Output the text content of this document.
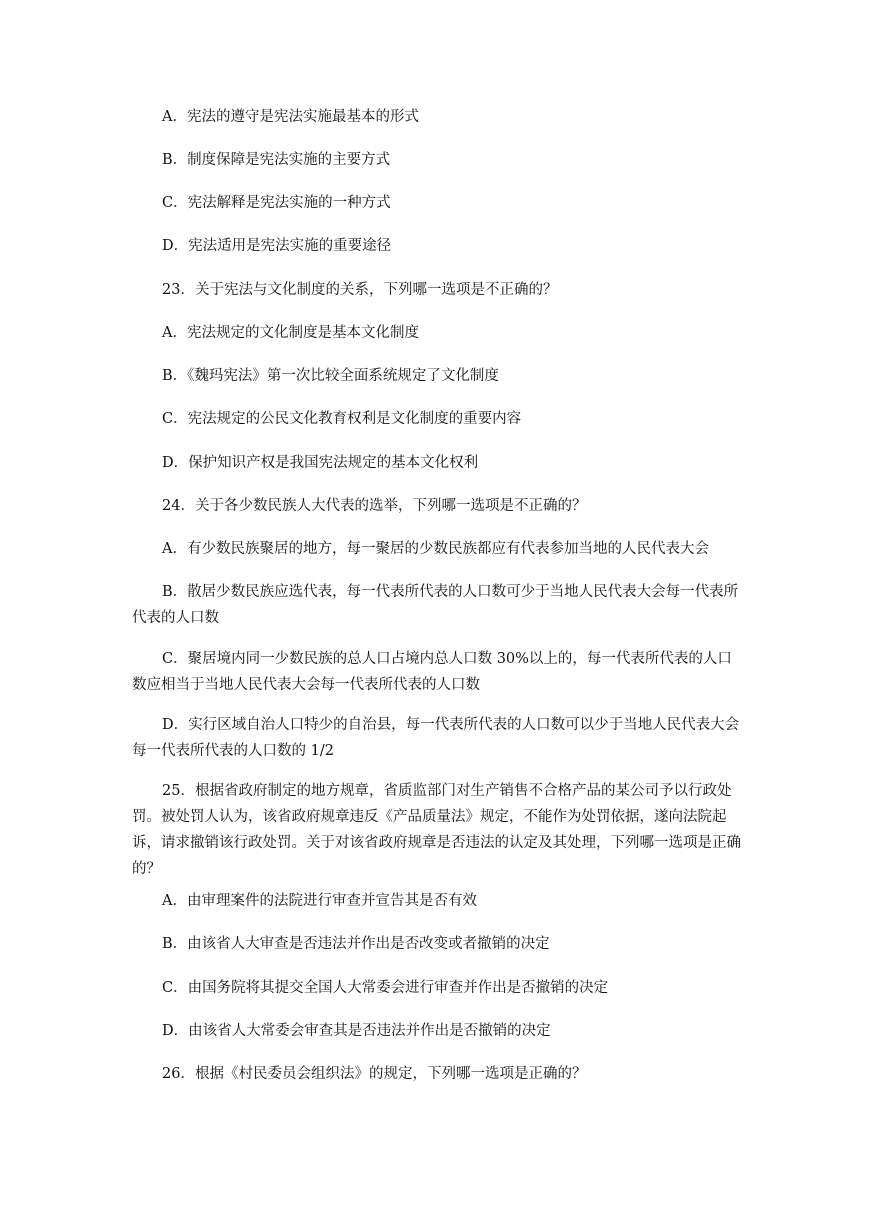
A．宪法的遵守是宪法实施最基本的形式

B．制度保障是宪法实施的主要方式

C．宪法解释是宪法实施的一种方式

D．宪法适用是宪法实施的重要途径

23．关于宪法与文化制度的关系，下列哪一选项是不正确的？

A．宪法规定的文化制度是基本文化制度

B．《魏玛宪法》第一次比较全面系统规定了文化制度

C．宪法规定的公民文化教育权利是文化制度的重要内容

D．保护知识产权是我国宪法规定的基本文化权利

24．关于各少数民族人大代表的选举，下列哪一选项是不正确的？

A．有少数民族聚居的地方，每一聚居的少数民族都应有代表参加当地的人民代表大会

B．散居少数民族应选代表，每一代表所代表的人口数可少于当地人民代表大会每一代表所代表的人口数

C．聚居境内同一少数民族的总人口占境内总人口数 30%以上的，每一代表所代表的人口数应相当于当地人民代表大会每一代表所代表的人口数

D．实行区域自治人口特少的自治县，每一代表所代表的人口数可以少于当地人民代表大会每一代表所代表的人口数的 1/2

25．根据省政府制定的地方规章，省质监部门对生产销售不合格产品的某公司予以行政处罚。被处罚人认为，该省政府规章违反《产品质量法》规定，不能作为处罚依据，遂向法院起诉，请求撤销该行政处罚。关于对该省政府规章是否违法的认定及其处理，下列哪一选项是正确的？

A．由审理案件的法院进行审查并宣告其是否有效

B．由该省人大审查是否违法并作出是否改变或者撤销的决定

C．由国务院将其提交全国人大常委会进行审查并作出是否撤销的决定

D．由该省人大常委会审查其是否违法并作出是否撤销的决定

26．根据《村民委员会组织法》的规定，下列哪一选项是正确的？
